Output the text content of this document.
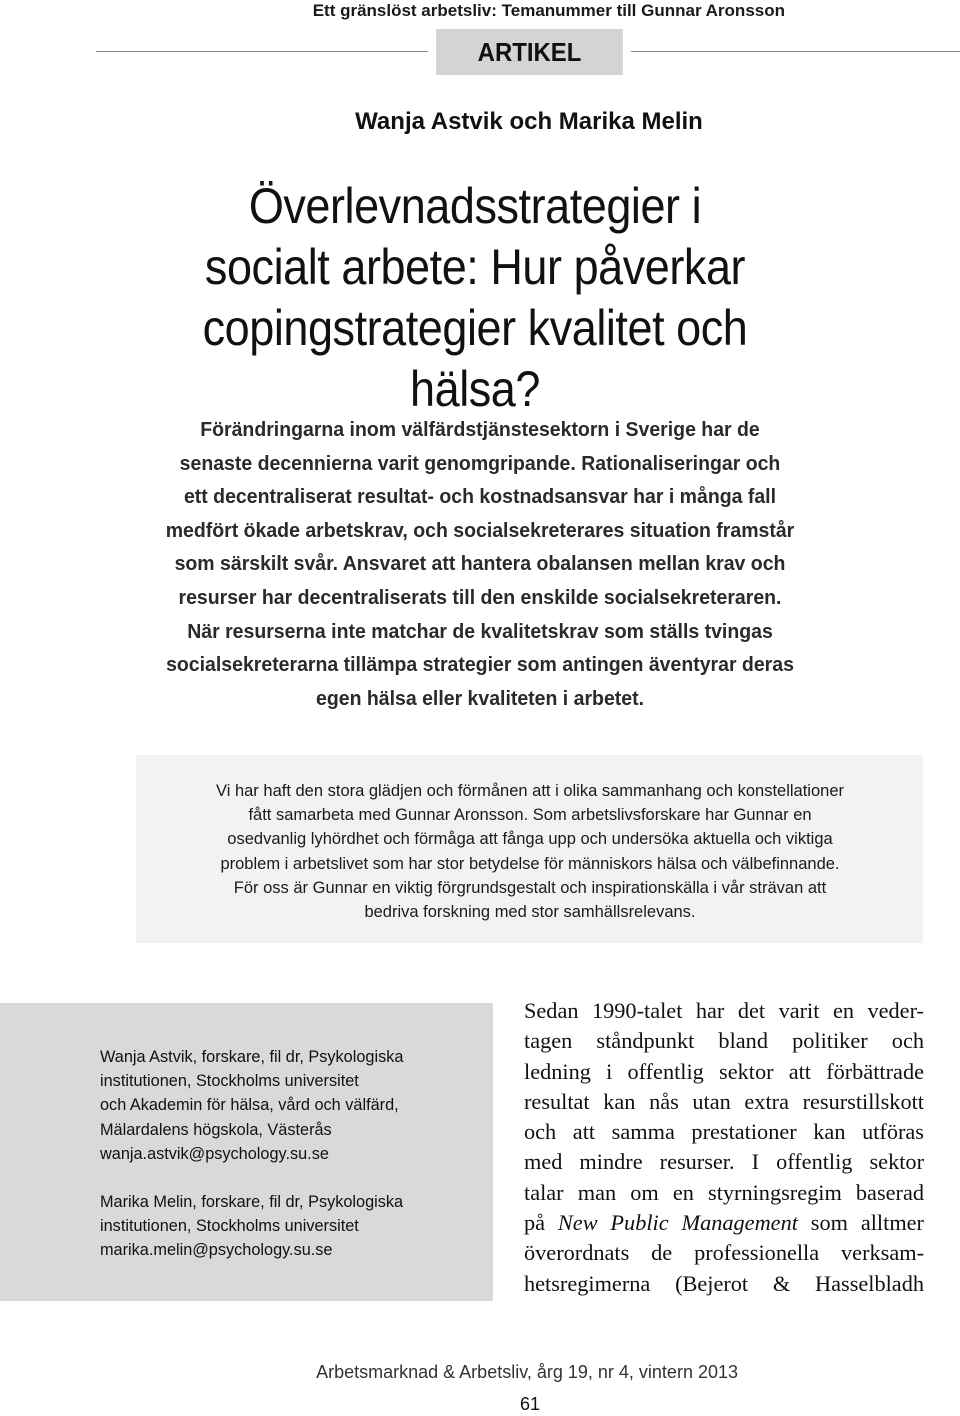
Ett gränslöst arbetsliv: Temanummer till Gunnar Aronsson
ARTIKEL
Wanja Astvik och Marika Melin
Överlevnadsstrategier i
socialt arbete: Hur påverkar
copingstrategier kvalitet och hälsa?
Förändringarna inom välfärdstjänstesektorn i Sverige har de
senaste decennierna varit genomgripande. Rationaliseringar och
ett decentraliserat resultat- och kostnadsansvar har i många fall
medfört ökade arbetskrav, och socialsekreterares situation framstår
som särskilt svår. Ansvaret att hantera obalansen mellan krav och
resurser har decentraliserats till den enskilde socialsekreteraren.
När resurserna inte matchar de kvalitetskrav som ställs tvingas
socialsekreterarna tillämpa strategier som antingen äventyrar deras
egen hälsa eller kvaliteten i arbetet.
Vi har haft den stora glädjen och förmånen att i olika sammanhang och konstellationer
fått samarbeta med Gunnar Aronsson. Som arbetslivsforskare har Gunnar en
osedvanlig lyhördhet och förmåga att fånga upp och undersöka aktuella och viktiga
problem i arbetslivet som har stor betydelse för människors hälsa och välbefinnande.
För oss är Gunnar en viktig förgrundsgestalt och inspirationskälla i vår strävan att
bedriva forskning med stor samhällsrelevans.
Wanja Astvik, forskare, fil dr, Psykologiska
institutionen, Stockholms universitet
och Akademin för hälsa, vård och välfärd,
Mälardalens högskola, Västerås
wanja.astvik@psychology.su.se
Marika Melin, forskare, fil dr, Psykologiska
institutionen, Stockholms universitet
marika.melin@psychology.su.se
Sedan 1990-talet har det varit en veder-
tagen ståndpunkt bland politiker och
ledning i offentlig sektor att förbättrade
resultat kan nås utan extra resurstillskott
och att samma prestationer kan utföras
med mindre resurser. I offentlig sektor
talar man om en styrningsregim baserad
på New Public Management som alltmer
överordnats de professionella verksam-
hetsregimerna (Bejerot & Hasselbladh
Arbetsmarknad & Arbetsliv, årg 19, nr 4, vintern 2013
61
